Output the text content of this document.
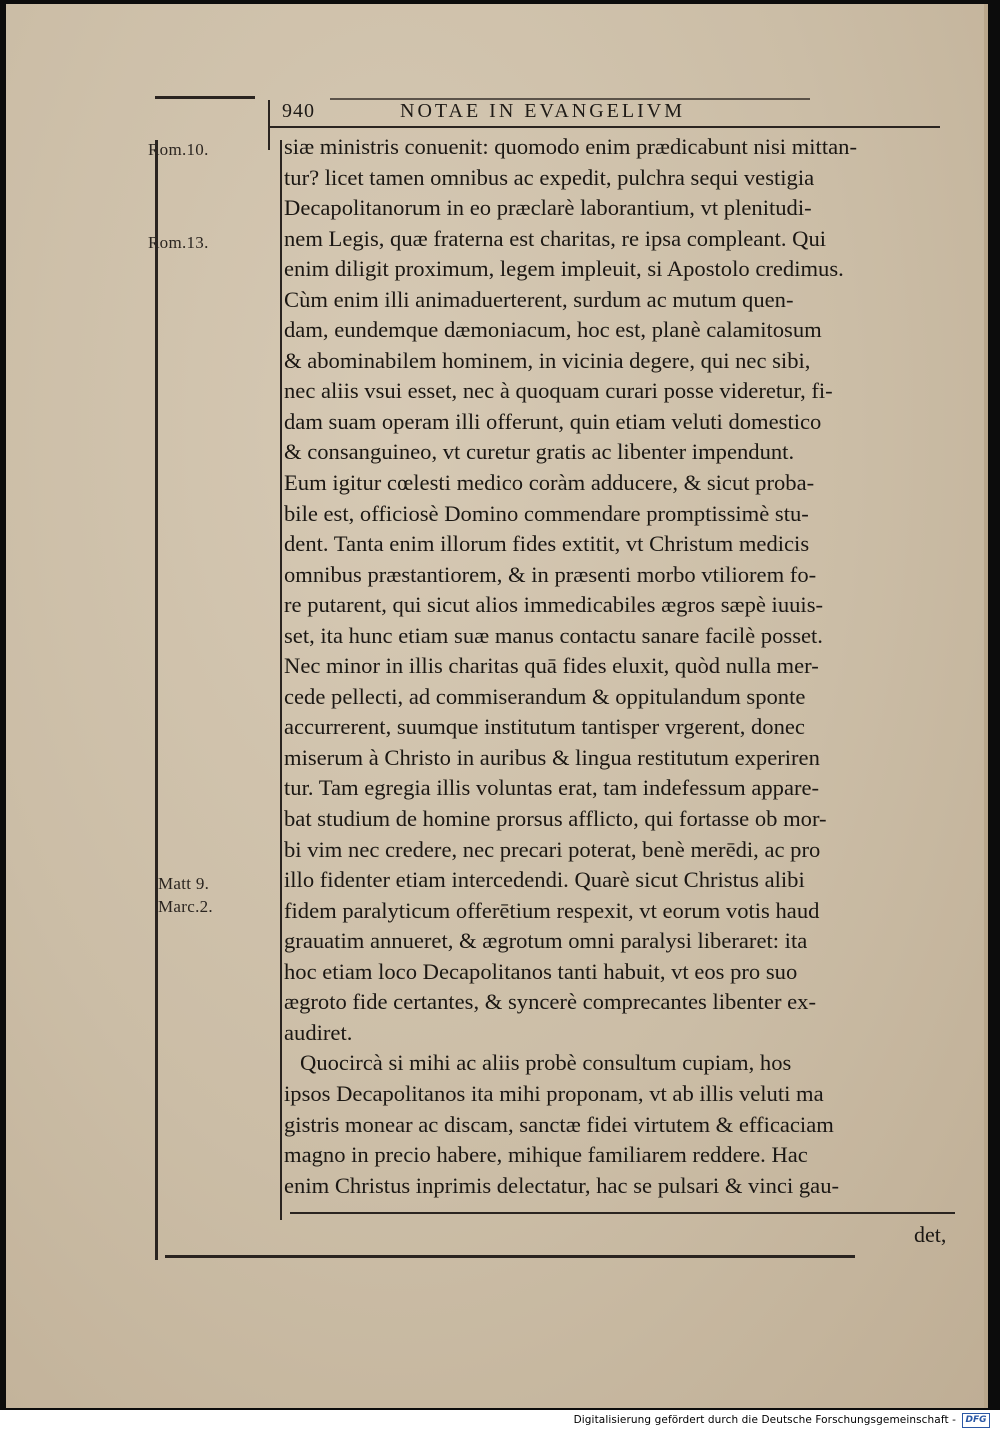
940	NOTAE IN EVANGELIVM
Rom.10.
Rom.13.
Matt 9.
Marc.2.
siæ ministris conuenit: quomodo enim prædicabunt nisi mittan-
tur? licet tamen omnibus ac expedit, pulchra sequi vestigia
Decapolitanorum in eo præclarè laborantium, vt plenitudi-
nem Legis, quæ fraterna est charitas, re ipsa compleant. Qui
enim diligit proximum, legem impleuit, si Apostolo credimus.
Cùm enim illi animaduerterent, surdum ac mutum quen-
dam, eundemque dæmoniacum, hoc est, planè calamitosum
& abominabilem hominem, in vicinia degere, qui nec sibi,
nec aliis vsui esset, nec à quoquam curari posse videretur, fi-
dam suam operam illi offerunt, quin etiam veluti domestico
& consanguineo, vt curetur gratis ac libenter impendunt.
Eum igitur cœlesti medico coràm adducere, & sicut proba-
bile est, officiosè Domino commendare promptissimè stu-
dent. Tanta enim illorum fides extitit, vt Christum medicis
omnibus præstantiorem, & in præsenti morbo vtiliorem fo-
re putarent, qui sicut alios immedicabiles ægros sæpè iuuis-
set, ita hunc etiam suæ manus contactu sanare facilè posset.
Nec minor in illis charitas quā fides eluxit, quòd nulla mer-
cede pellecti, ad commiserandum & oppitulandum sponte
accurrerent, suumque institutum tantisper vrgerent, donec
miserum à Christo in auribus & lingua restitutum experiren
tur. Tam egregia illis voluntas erat, tam indefessum appare-
bat studium de homine prorsus afflicto, qui fortasse ob mor-
bi vim nec credere, nec precari poterat, benè merēdi, ac pro
illo fidenter etiam intercedendi. Quarè sicut Christus alibi
fidem paralyticum offerētium respexit, vt eorum votis haud
grauatim annueret, & ægrotum omni paralysi liberaret: ita
hoc etiam loco Decapolitanos tanti habuit, vt eos pro suo
ægroto fide certantes, & syncerè comprecantes libenter ex-
audiret.
Quocircà si mihi ac aliis probè consultum cupiam, hos
ipsos Decapolitanos ita mihi proponam, vt ab illis veluti ma
gistris monear ac discam, sanctæ fidei virtutem & efficaciam
magno in precio habere, mihique familiarem reddere. Hac
enim Christus inprimis delectatur, hac se pulsari & vinci gau-
det,
Digitalisierung gefördert durch die Deutsche Forschungsgemeinschaft -	DFG
